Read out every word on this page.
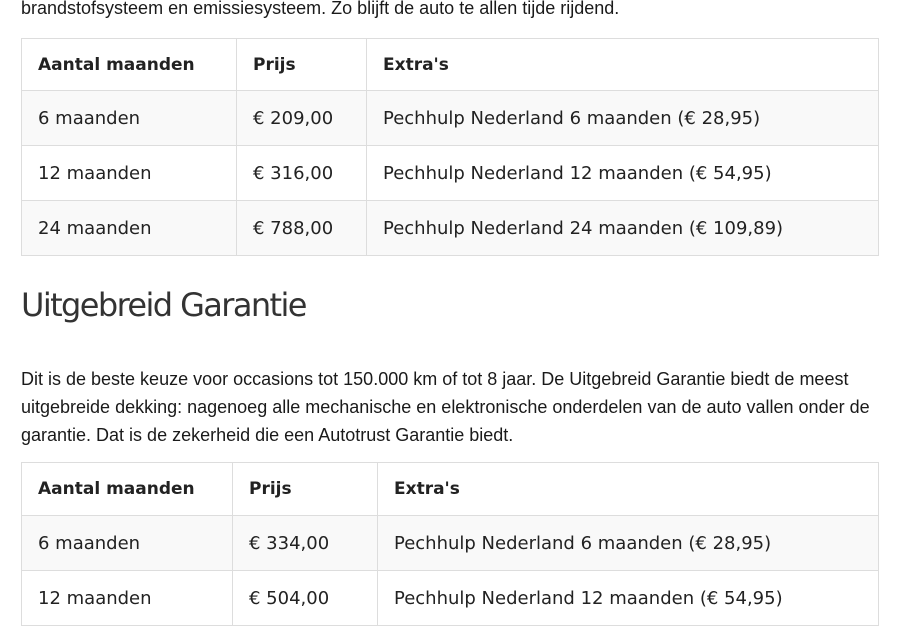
brandstofsysteem en emissiesysteem. Zo blijft de auto te allen tijde rijdend.

Aantal maanden	Prijs	Extra's
6 maanden	€ 209,00	Pechhulp Nederland 6 maanden (€ 28,95)
12 maanden	€ 316,00	Pechhulp Nederland 12 maanden (€ 54,95)
24 maanden	€ 788,00	Pechhulp Nederland 24 maanden (€ 109,89)
Uitgebreid Garantie

Dit is de beste keuze voor occasions tot 150.000 km of tot 8 jaar. De Uitgebreid Garantie biedt de meest uitgebreide dekking: nagenoeg alle mechanische en elektronische onderdelen van de auto vallen onder de garantie. Dat is de zekerheid die een Autotrust Garantie biedt.

Aantal maanden	Prijs	Extra's
6 maanden	€ 334,00	Pechhulp Nederland 6 maanden (€ 28,95)
12 maanden	€ 504,00	Pechhulp Nederland 12 maanden (€ 54,95)
